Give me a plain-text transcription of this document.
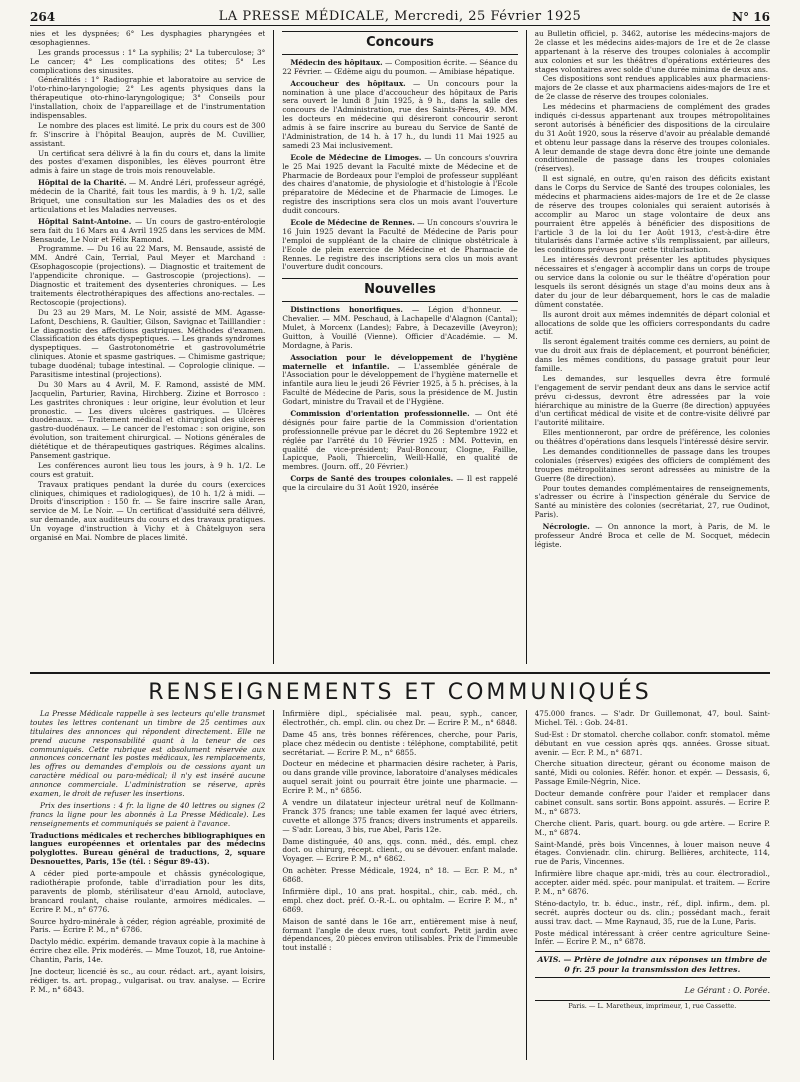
264	LA PRESSE MÉDICALE, Mercredi, 25 Février 1925	N° 16

nies et les dyspnées; 6° Les dysphagies pharyngées et œsophagiennes.

Les grands processus : 1° La syphilis; 2° La tuberculose; 3° Le cancer; 4° Les complications des otites; 5° Les complications des sinusites.

Généralités : 1° Radiographie et laboratoire au service de l'oto-rhino-laryngologie; 2° Les agents physiques dans la thérapeutique oto-rhino-laryngologique; 3° Conseils pour l'installation, choix de l'appareillage et de l'instrumentation indispensables.

Le nombre des places est limité. Le prix du cours est de 300 fr. S'inscrire à l'hôpital Beaujon, auprès de M. Cuvillier, assistant.

Un certificat sera délivré à la fin du cours et, dans la limite des postes d'examen disponibles, les élèves pourront être admis à faire un stage de trois mois renouvelable.

Hôpital de la Charité. — M. André Léri, professeur agrégé, médecin de la Charité, fait tous les mardis, à 9 h. 1/2, salle Briquet, une consultation sur les Maladies des os et des articulations et les Maladies nerveuses.

Hôpital Saint-Antoine. — Un cours de gastro-entérologie sera fait du 16 Mars au 4 Avril 1925 dans les services de MM. Bensaude, Le Noir et Félix Ramond.

Programme. — Du 16 au 22 Mars, M. Bensaude, assisté de MM. André Cain, Terrial, Paul Meyer et Marchand : Œsophagoscopie (projections). — Diagnostic et traitement de l'appendicite chronique. — Gastroscopie (projections). — Diagnostic et traitement des dysenteries chroniques. — Les traitements électrothérapiques des affections ano-rectales. — Rectoscopie (projections).

Du 23 au 29 Mars, M. Le Noir, assisté de MM. Agasse-Lafont, Deschiens, R. Gaultier, Gilson, Savignac et Tailllandier : Le diagnostic des affections gastriques. Méthodes d'examen. Classification des états dyspeptiques. — Les grands syndromes dyspeptiques. — Gastrotonométrie et gastrovolumétrie cliniques. Atonie et spasme gastriques. — Chimisme gastrique; tubage duodénal; tubage intestinal. — Coprologie clinique. — Parasitisme intestinal (projections).

Du 30 Mars au 4 Avril, M. F. Ramond, assisté de MM. Jacquelin, Parturier, Ravina, Hirchberg. Zizine et Borrosco : Les gastrites chroniques : leur origine, leur évolution et leur pronostic. — Les divers ulcères gastriques. — Ulcères duodénaux. — Traitement médical et chirurgical des ulcères gastro-duodénaux. — Le cancer de l'estomac : son origine, son évolution, son traitement chirurgical. — Notions générales de diététique et de thérapeutiques gastriques. Régimes alcalins. Pansement gastrique.

Les conférences auront lieu tous les jours, à 9 h. 1/2. Le cours est gratuit.

Travaux pratiques pendant la durée du cours (exercices cliniques, chimiques et radiologiques), de 10 h. 1/2 à midi. — Droits d'inscription : 150 fr. — Se faire inscrire salle Aran, service de M. Le Noir. — Un certificat d'assiduité sera délivré, sur demande, aux auditeurs du cours et des travaux pratiques. Un voyage d'instruction à Vichy et à Châtelguyon sera organisé en Mai. Nombre de places limité.

Concours

Médecin des hôpitaux. — Composition écrite. — Séance du 22 Février. — Œdème aigu du poumon. — Amibiase hépatique.

Accoucheur des hôpitaux. — Un concours pour la nomination à une place d'accoucheur des hôpitaux de Paris sera ouvert le lundi 8 Juin 1925, à 9 h., dans la salle des concours de l'Administration, rue des Saints-Pères, 49. MM. les docteurs en médecine qui désireront concourir seront admis à se faire inscrire au bureau du Service de Santé de l'Administration, de 14 h. à 17 h., du lundi 11 Mai 1925 au samedi 23 Mai inclusivement.

Ecole de Médecine de Limoges. — Un concours s'ouvrira le 25 Mai 1925 devant la Faculté mixte de Médecine et de Pharmacie de Bordeaux pour l'emploi de professeur suppléant des chaires d'anatomie, de physiologie et d'histologie à l'Ecole préparatoire de Médecine et de Pharmacie de Limoges. Le registre des inscriptions sera clos un mois avant l'ouverture dudit concours.

Ecole de Médecine de Rennes. — Un concours s'ouvrira le 16 Juin 1925 devant la Faculté de Médecine de Paris pour l'emploi de suppléant de la chaire de clinique obstétricale à l'Ecole de plein exercice de Médecine et de Pharmacie de Rennes. Le registre des inscriptions sera clos un mois avant l'ouverture dudit concours.

Nouvelles

Distinctions honorifiques. — Légion d'honneur. — Chevalier. — MM. Peschaud, à Lachapelle d'Alagnon (Cantal); Mulet, à Morcenx (Landes); Fabre, à Decazeville (Aveyron); Guitton, à Vouillé (Vienne). Officier d'Académie. — M. Mordagne, à Paris.

Association pour le développement de l'hygiène maternelle et infantile. — L'assemblée générale de l'Association pour le développement de l'hygiène maternelle et infantile aura lieu le jeudi 26 Février 1925, à 5 h. précises, à la Faculté de Médecine de Paris, sous la présidence de M. Justin Godart, ministre du Travail et de l'Hygiène.

Commission d'orientation professionnelle. — Ont été désignés pour faire partie de la Commission d'orientation professionnelle prévue par le décret du 26 Septembre 1922 et réglée par l'arrêté du 10 Février 1925 : MM. Pottevin, en qualité de vice-président; Paul-Boncour, Clogne, Faillie, Lapicque, Paoli, Thiercelin, Weill-Hallé, en qualité de membres. (Journ. off., 20 Février.)

Corps de Santé des troupes coloniales. — Il est rappelé que la circulaire du 31 Août 1920, insérée

au Bulletin officiel, p. 3462, autorise les médecins-majors de 2e classe et les médecins aides-majors de 1re et de 2e classe appartenant à la réserve des troupes coloniales à accomplir aux colonies et sur les théâtres d'opérations extérieures des stages volontaires avec solde d'une durée minima de deux ans.

Ces dispositions sont rendues applicables aux pharmaciens-majors de 2e classe et aux pharmaciens aides-majors de 1re et de 2e classe de réserve des troupes coloniales.

Les médecins et pharmaciens de complément des grades indiqués ci-dessus appartenant aux troupes métropolitaines seront autorisés à bénéficier des dispositions de la circulaire du 31 Août 1920, sous la réserve d'avoir au préalable demandé et obtenu leur passage dans la réserve des troupes coloniales. A leur demande de stage devra donc être jointe une demande conditionnelle de passage dans les troupes coloniales (réserves).

Il est signalé, en outre, qu'en raison des déficits existant dans le Corps du Service de Santé des troupes coloniales, les médecins et pharmaciens aides-majors de 1re et de 2e classe de réserve des troupes coloniales qui seraient autorisés à accomplir au Maroc un stage volontaire de deux ans pourraient être appelés à bénéficier des dispositions de l'article 3 de la loi du 1er Août 1913, c'est-à-dire être titularisés dans l'armée active s'ils remplissaient, par ailleurs, les conditions prévues pour cette titularisation.

Les intéressés devront présenter les aptitudes physiques nécessaires et s'engager à accomplir dans un corps de troupe ou service dans la colonie ou sur le théâtre d'opération pour lesquels ils seront désignés un stage d'au moins deux ans à dater du jour de leur débarquement, hors le cas de maladie dûment constatée.

Ils auront droit aux mêmes indemnités de départ colonial et allocations de solde que les officiers correspondants du cadre actif.

Ils seront également traités comme ces derniers, au point de vue du droit aux frais de déplacement, et pourront bénéficier, dans les mêmes conditions, du passage gratuit pour leur famille.

Les demandes, sur lesquelles devra être formulé l'engagement de servir pendant deux ans dans le service actif prévu ci-dessus, devront être adressées par la voie hiérarchique au ministre de la Guerre (8e direction) appuyées d'un certificat médical de visite et de contre-visite délivré par l'autorité militaire.

Elles mentionneront, par ordre de préférence, les colonies ou théâtres d'opérations dans lesquels l'intéressé désire servir.

Les demandes conditionnelles de passage dans les troupes coloniales (réserves) exigées des officiers de complément des troupes métropolitaines seront adressées au ministre de la Guerre (8e direction).

Pour toutes demandes complémentaires de renseignements, s'adresser ou écrire à l'inspection générale du Service de Santé au ministère des colonies (secrétariat, 27, rue Oudinot, Paris).

Nécrologie. — On annonce la mort, à Paris, de M. le professeur André Broca et celle de M. Socquet, médecin légiste.

RENSEIGNEMENTS ET COMMUNIQUÉS

La Presse Médicale rappelle à ses lecteurs qu'elle transmet toutes les lettres contenant un timbre de 25 centimes aux titulaires des annonces qui répondent directement. Elle ne prend aucune responsabilité quant à la teneur de ces communiqués. Cette rubrique est absolument réservée aux annonces concernant les postes médicaux, les remplacements, les offres ou demandes d'emplois ou de cessions ayant un caractère médical ou para-médical; il n'y est inséré aucune annonce commerciale. L'administration se réserve, après examen, le droit de refuser les insertions.

Prix des insertions : 4 fr. la ligne de 40 lettres ou signes (2 francs la ligne pour les abonnés à La Presse Médicale). Les renseignements et communiqués se paient à l'avance.

Traductions médicales et recherches bibliographiques en langues européennes et orientales par des médecins polyglottes. Bureau général de traductions, 2, square Desnouettes, Paris, 15e (tél. : Ségur 89-43).

A céder pied porte-ampoule et châssis gynécologique, radiothérapie profonde, table d'irradiation pour les dits, paravents de plomb, stérilisateur d'eau Arnold, autoclave, brancard roulant, chaise roulante, armoires médicales. — Ecrire P. M., n° 6776.

Source hydro-minérale à céder, région agréable, proximité de Paris. — Ecrire P. M., n° 6786.

Dactylo médic. expérim. demande travaux copie à la machine à écrire chez elle. Prix modérés. — Mme Touzot, 18, rue Antoine-Chantin, Paris, 14e.

Jne docteur, licencié ès sc., au cour. rédact. art., ayant loisirs, rédiger. ts. art. propag., vulgarisat. ou trav. analyse. — Ecrire P. M., n° 6843.

Infirmière dipl., spécialisée mal. peau, syph., cancer, électrothér., ch. empl. clin. ou chez Dr. — Ecrire P. M., n° 6848.

Dame 45 ans, très bonnes références, cherche, pour Paris, place chez médecin ou dentiste : téléphone, comptabilité, petit secrétariat. — Ecrire P. M., n° 6855.

Docteur en médecine et pharmacien désire racheter, à Paris, ou dans grande ville province, laboratoire d'analyses médicales auquel serait joint ou pourrait être jointe une pharmacie. — Ecrire P. M., n° 6856.

A vendre un dilatateur injecteur urétral neuf de Kollmann-Franck 375 francs; une table examen fer laqué avec étriers, cuvette et allonge 375 francs; divers instruments et appareils. — S'adr. Loreau, 3 bis, rue Abel, Paris 12e.

Dame distinguée, 40 ans, qqs. conn. méd., dés. empl. chez doct. ou chirurg, récept. client., ou se dévouer. enfant malade. Voyager. — Ecrire P. M., n° 6862.

On achèter. Presse Médicale, 1924, n° 18. — Ecr. P. M., n° 6868.

Infirmière dipl., 10 ans prat. hospital., chir., cab. méd., ch. empl. chez doct. préf. O.-R.-L. ou ophtalm. — Ecrire P. M., n° 6869.

Maison de santé dans le 16e arr., entièrement mise à neuf, formant l'angle de deux rues, tout confort. Petit jardin avec dépendances, 20 pièces environ utilisables. Prix de l'immeuble tout installé :

475.000 francs. — S'adr. Dr Guillemonat, 47, boul. Saint-Michel. Tél. : Gob. 24-81.

Sud-Est : Dr stomatol. cherche collabor. confr. stomatol. même débutant en vue cession après qqs. années. Grosse situat. avenir. — Ecr. P. M., n° 6871.

Cherche situation directeur, gérant ou économe maison de santé, Midi ou colonies. Référ. honor. et expér. — Dessasis, 6, Passage Emile-Négrin, Nice.

Docteur demande confrère pour l'aider et remplacer dans cabinet consult. sans sortir. Bons appoint. assurés. — Ecrire P. M., n° 6873.

Cherche client. Paris, quart. bourg. ou gde artère. — Ecrire P. M., n° 6874.

Saint-Mandé, près bois Vincennes, à louer maison neuve 4 étages. Convienadr. clin. chirurg. Bellières, architecte, 114, rue de Paris, Vincennes.

Infirmière libre chaque apr.-midi, très au cour. électroradiol., accepter. aider méd. spéc. pour manipulat. et traitem. — Ecrire P. M., n° 6876.

Sténo-dactylo, tr. b. éduc., instr., réf., dipl. infirm., dem. pl. secrét. auprès docteur ou ds. clin.; possédant mach., ferait aussi trav. dact. — Mme Raynaud, 35, rue de la Lune, Paris.

Poste médical intéressant à créer centre agriculture Seine-Infér. — Ecrire P. M., n° 6878.

AVIS. — Prière de joindre aux réponses un timbre de 0 fr. 25 pour la transmission des lettres.
Le Gérant : O. Porée.
Paris. — L. Maretheux, imprimeur, 1, rue Cassette.
